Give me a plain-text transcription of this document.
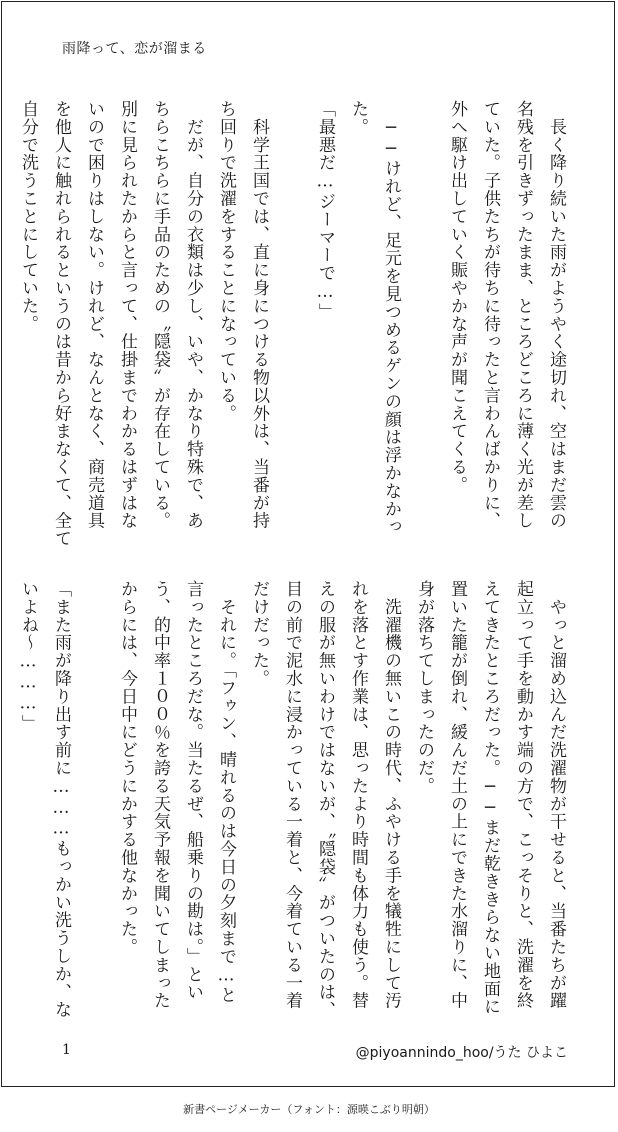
雨降って、恋が溜まる
　長く降り続いた雨がようやく途切れ、空はまだ雲の
名残を引きずったまま、ところどころに薄く光が差し
ていた。子供たちが待ちに待ったと言わんばかりに、
外へ駆け出していく賑やかな声が聞こえてくる。

　──けれど、足元を見つめるゲンの顔は浮かなかっ
た。
「最悪だ…ジーマーで…」

　科学王国では、直に身につける物以外は、当番が持
ち回りで洗濯をすることになっている。
　だが、自分の衣類は少し、いや、かなり特殊で、あ
ちらこちらに手品のための〝隠袋〟が存在している。
別に見られたからと言って、仕掛までわかるはずはな
いので困りはしない。けれど、なんとなく、商売道具
を他人に触れられるというのは昔から好まなくて、全て
自分で洗うことにしていた。
　やっと溜め込んだ洗濯物が干せると、当番たちが躍
起立って手を動かす端の方で、こっそりと、洗濯を終
えてきたところだった。──まだ乾ききらない地面に
置いた籠が倒れ、緩んだ土の上にできた水溜りに、中
身が落ちてしまったのだ。
　洗濯機の無いこの時代、ふやける手を犠牲にして汚
れを落とす作業は、思ったより時間も体力も使う。替
えの服が無いわけではないが、〝隠袋〟がついたのは、
目の前で泥水に浸かっている一着と、今着ている一着
だけだった。
　それに。「フゥン、晴れるのは今日の夕刻まで…と
言ったところだな。当たるぜ、船乗りの勘は。」とい
う、的中率１００％を誇る天気予報を聞いてしまった
からには、今日中にどうにかする他なかった。

「また雨が降り出す前に………もっかい洗うしか、な
いよね〜………」
1	@piyoannindo_hoo/うた ひよこ
新書ページメーカー（フォント：源暎こぶり明朝）
